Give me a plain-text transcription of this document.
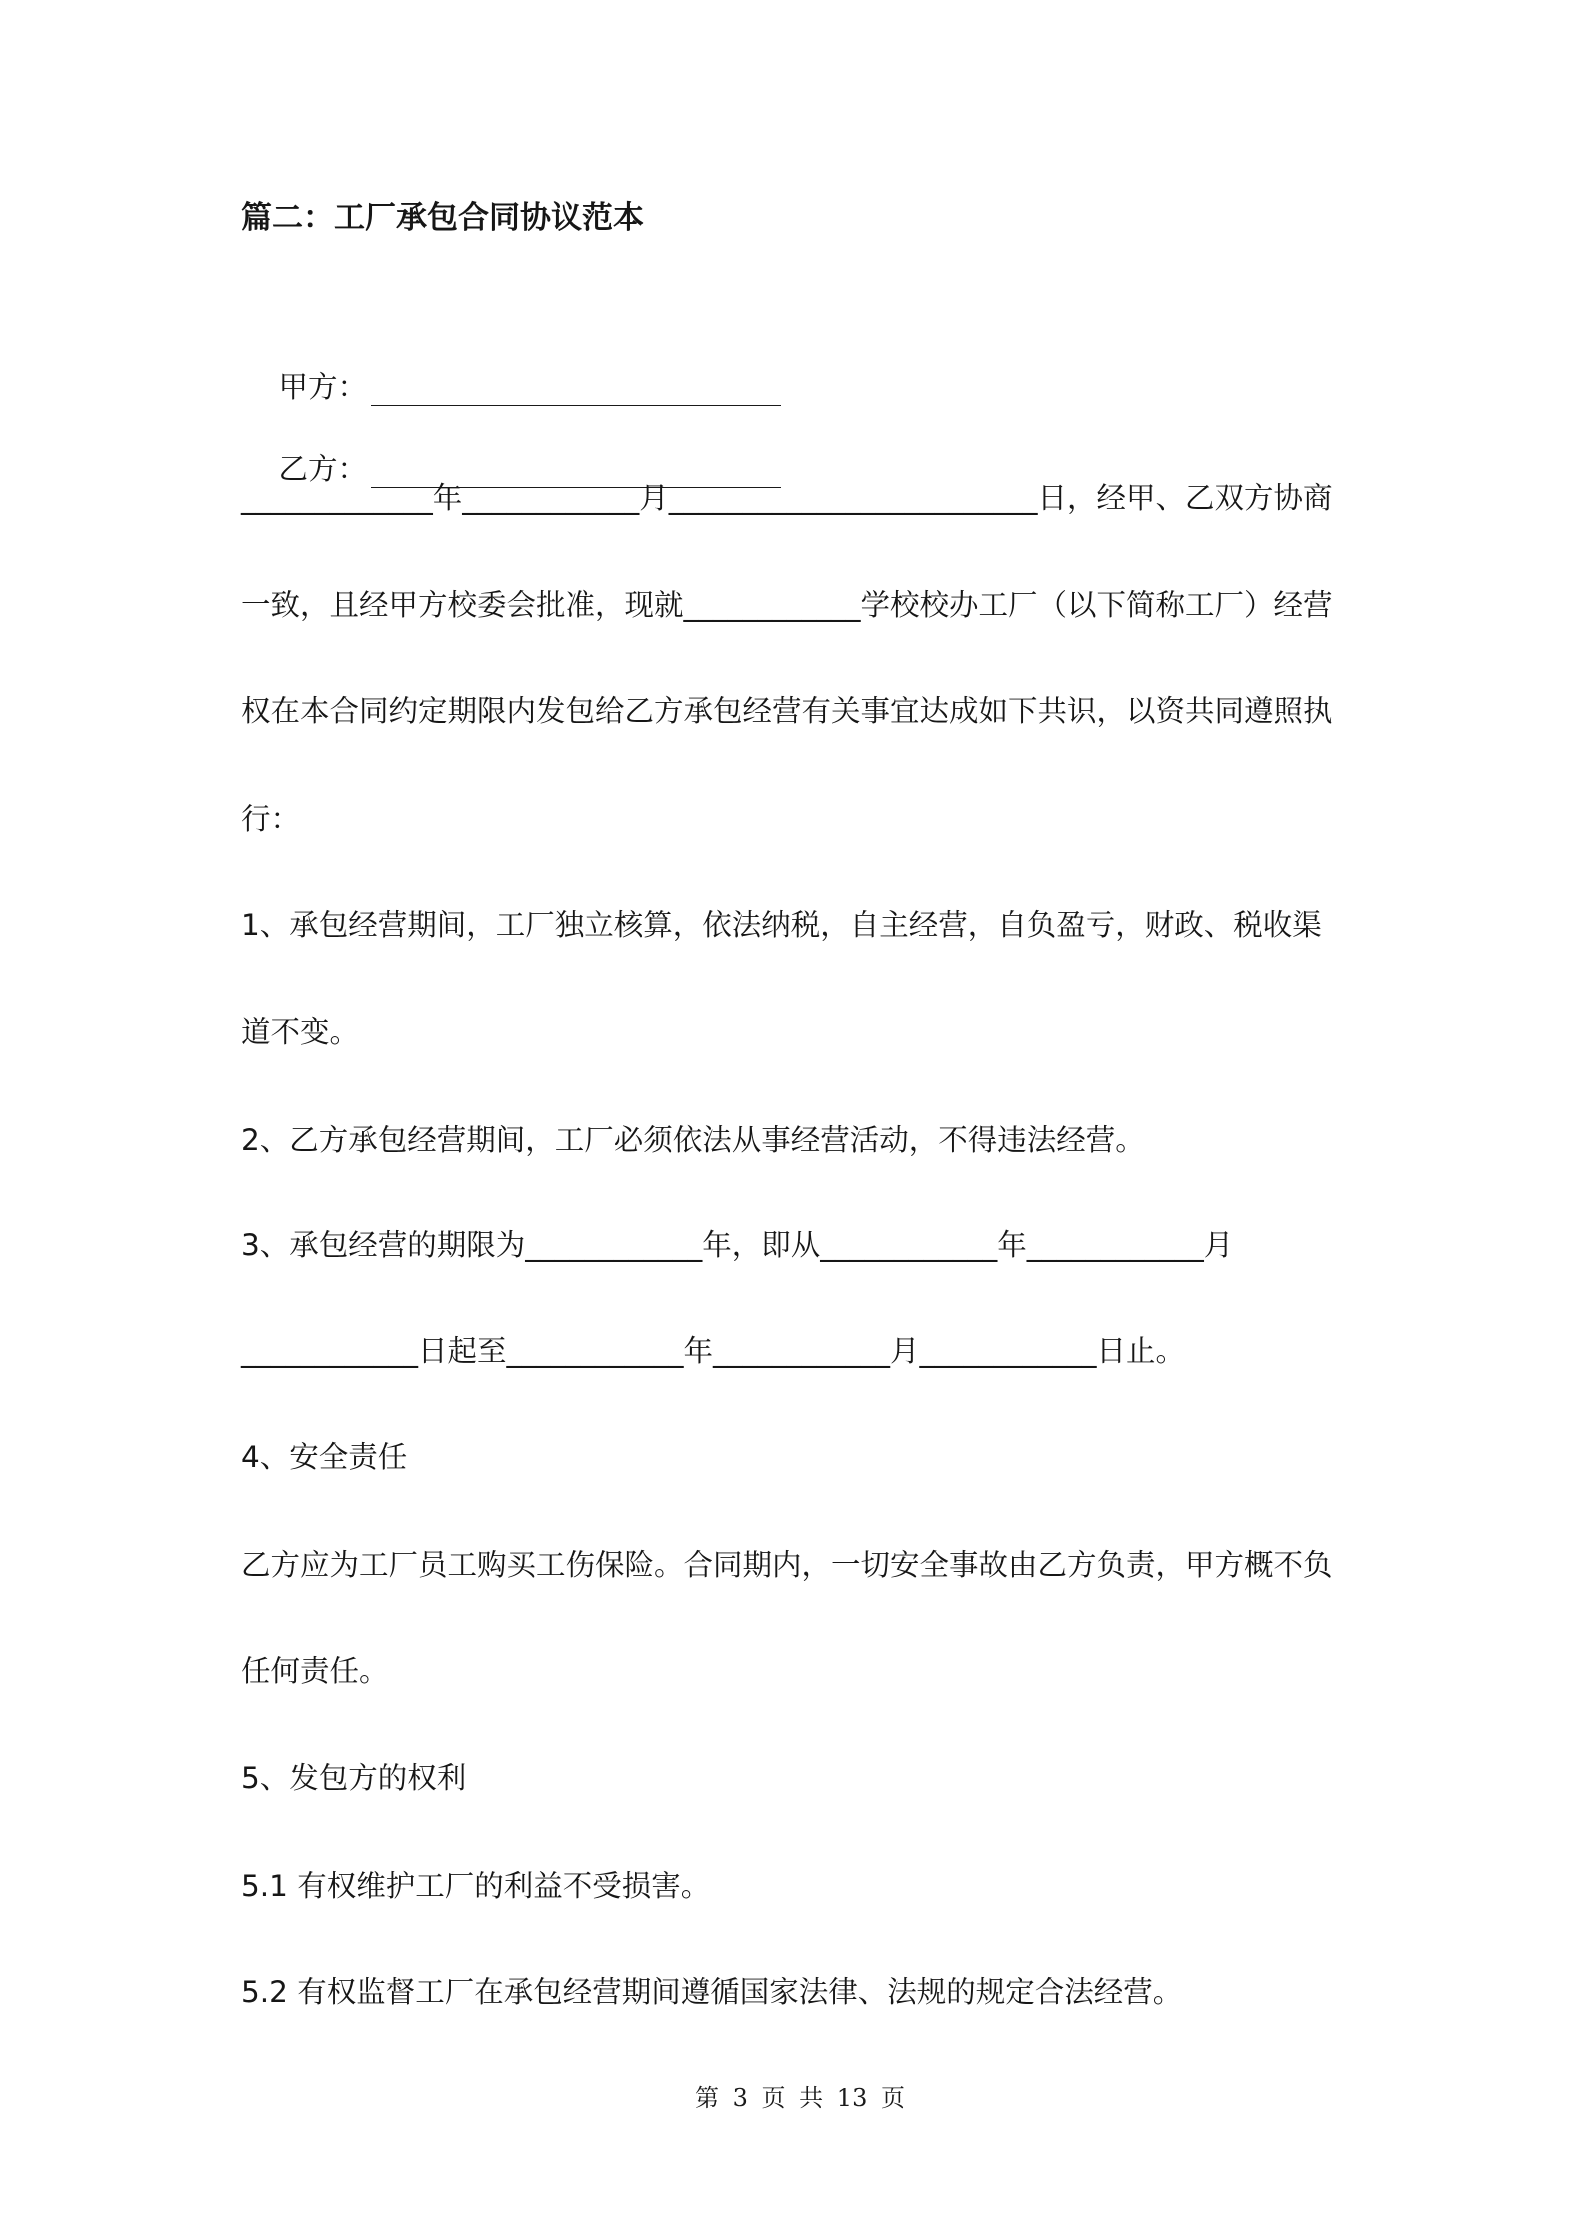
篇二：工厂承包合同协议范本

甲方：

乙方：

_____________年____________月_________________________日，经甲、乙双方协商
一致，且经甲方校委会批准，现就____________学校校办工厂（以下简称工厂）经营
权在本合同约定期限内发包给乙方承包经营有关事宜达成如下共识，以资共同遵照执
行：
1、承包经营期间，工厂独立核算，依法纳税，自主经营，自负盈亏，财政、税收渠
道不变。
2、乙方承包经营期间，工厂必须依法从事经营活动，不得违法经营。
3、承包经营的期限为____________年，即从____________年____________月
____________日起至____________年____________月____________日止。
4、安全责任
乙方应为工厂员工购买工伤保险。合同期内，一切安全事故由乙方负责，甲方概不负
任何责任。
5、发包方的权利
5.1 有权维护工厂的利益不受损害。
5.2 有权监督工厂在承包经营期间遵循国家法律、法规的规定合法经营。
第 3 页 共 13 页
